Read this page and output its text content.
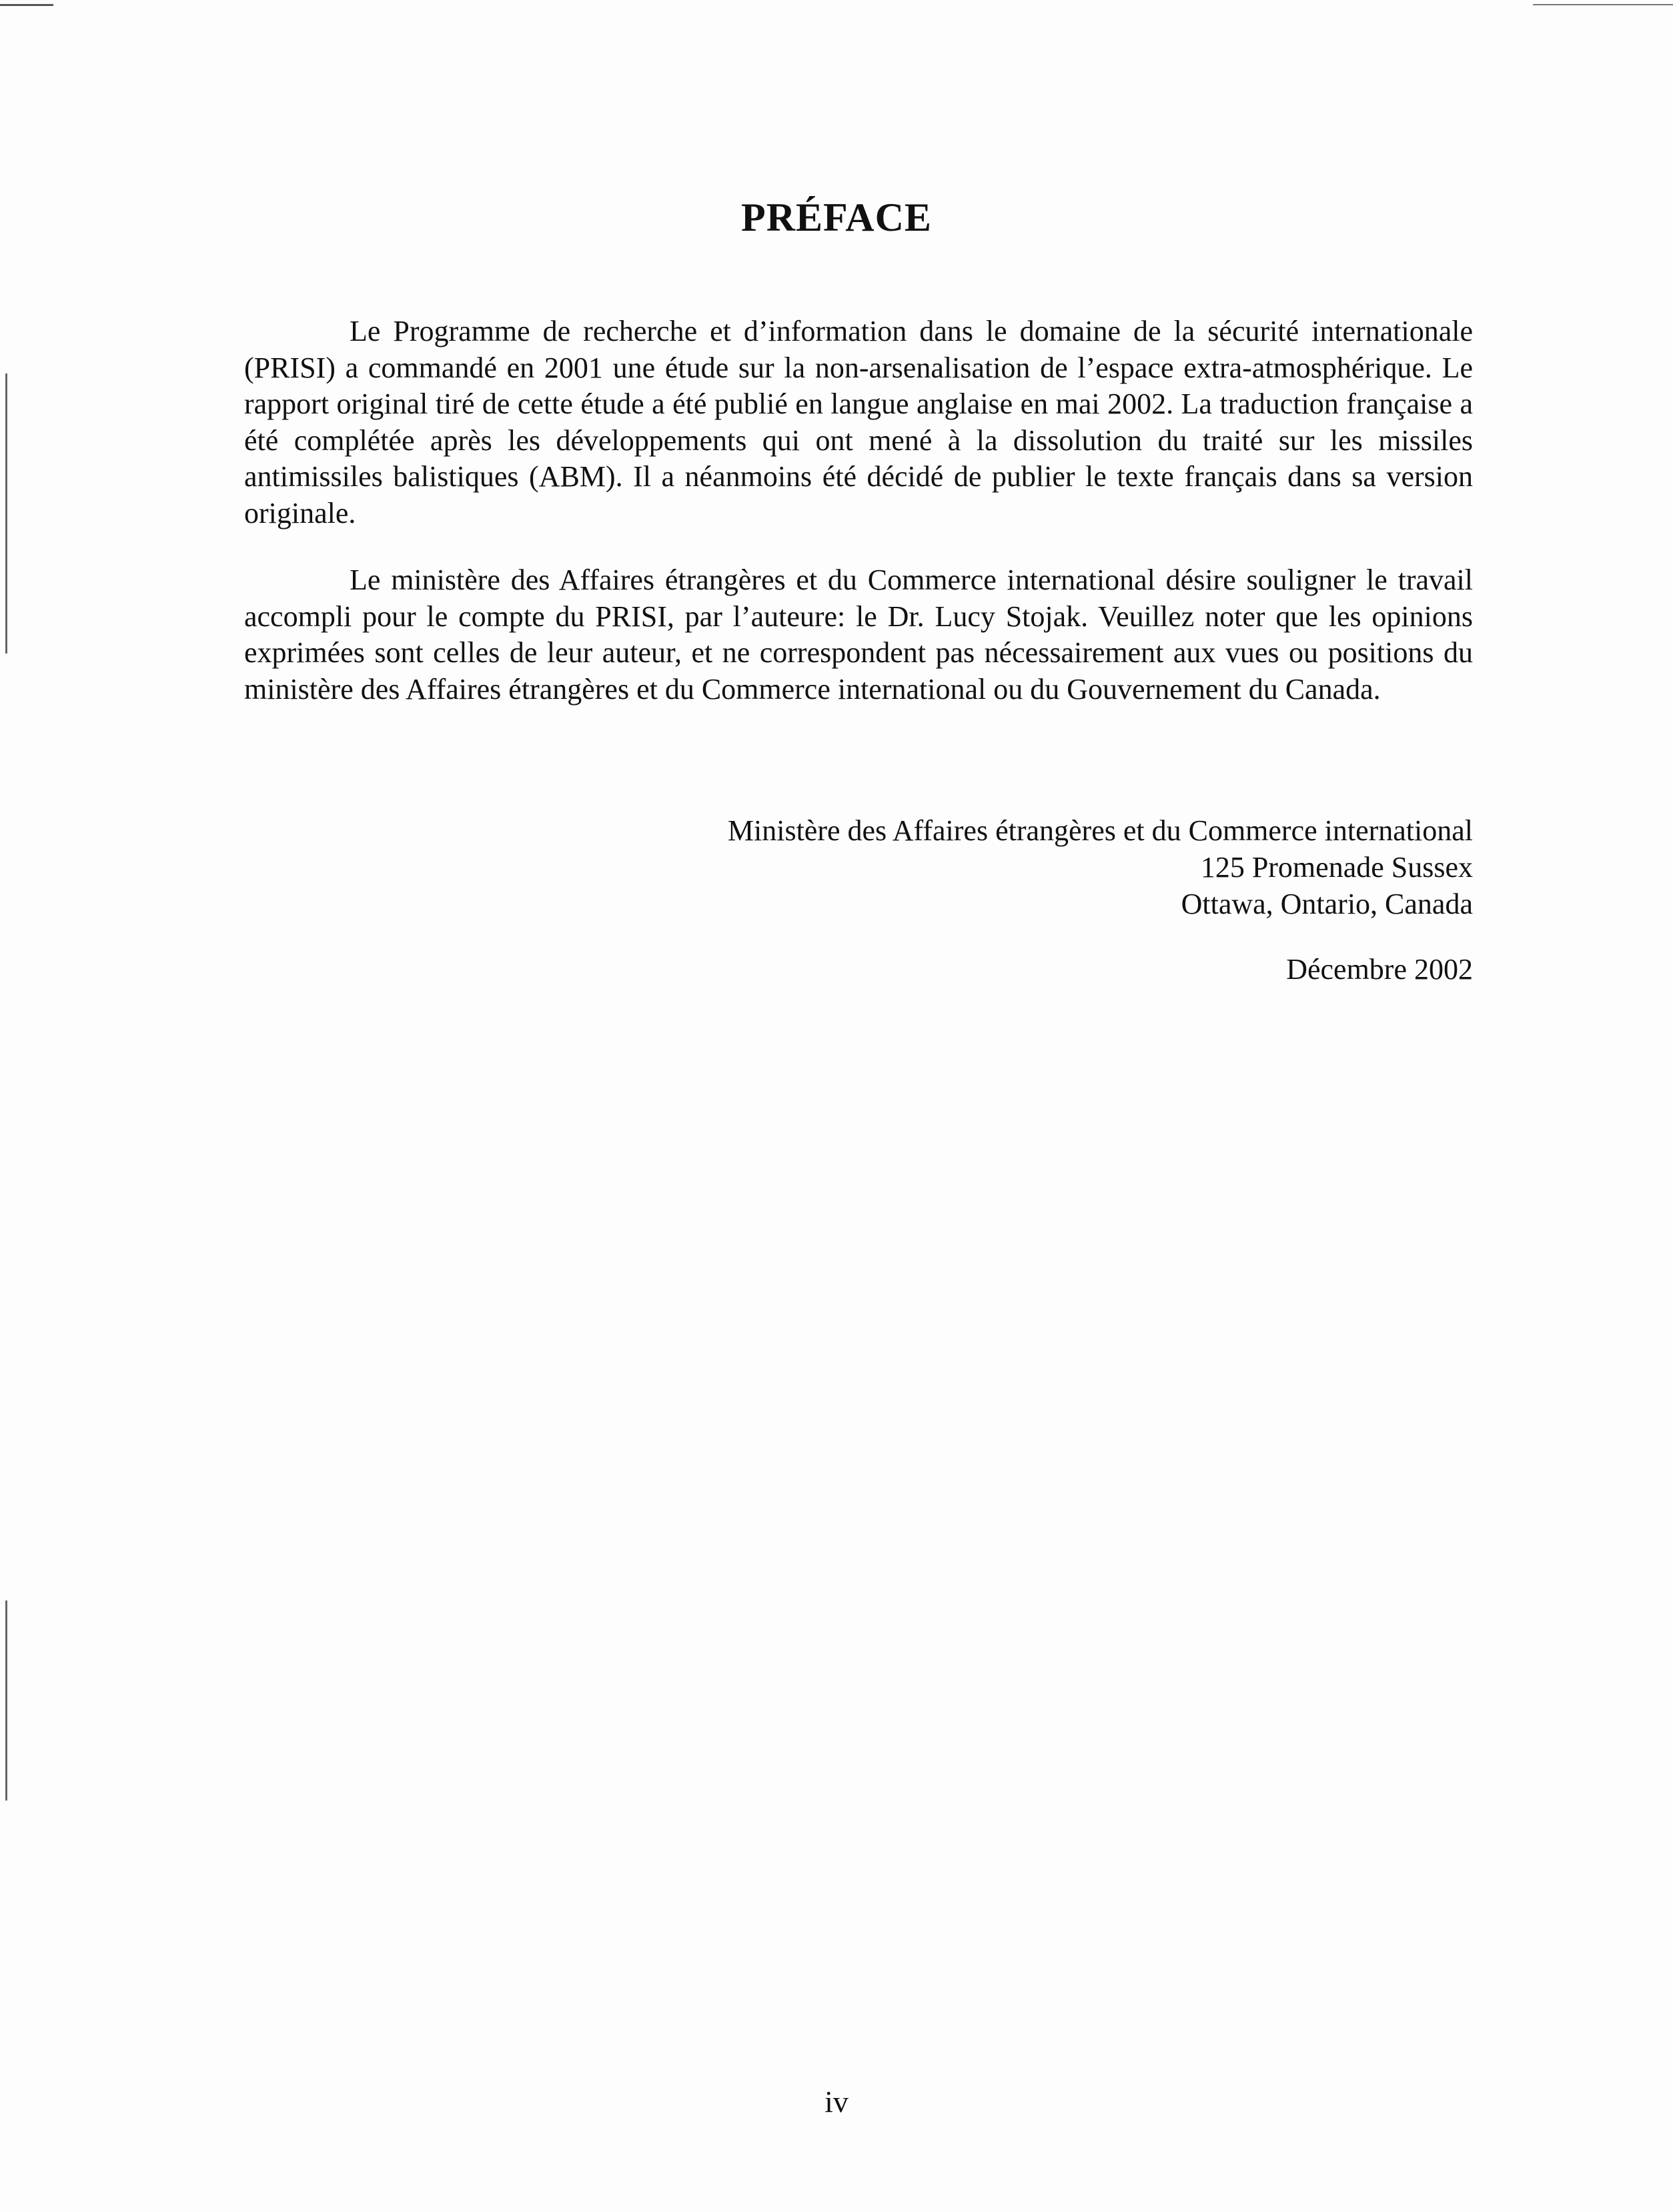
PRÉFACE

Le Programme de recherche et d’information dans le domaine de la sécurité internationale (PRISI) a commandé en 2001 une étude sur la non-arsenalisation de l’espace extra-atmosphérique. Le rapport original tiré de cette étude a été publié en langue anglaise en mai 2002. La traduction française a été complétée après les développements qui ont mené à la dissolution du traité sur les missiles antimissiles balistiques (ABM). Il a néanmoins été décidé de publier le texte français dans sa version originale.

Le ministère des Affaires étrangères et du Commerce international désire souligner le travail accompli pour le compte du PRISI, par l’auteure: le Dr. Lucy Stojak. Veuillez noter que les opinions exprimées sont celles de leur auteur, et ne correspondent pas nécessairement aux vues ou positions du ministère des Affaires étrangères et du Commerce international ou du Gouvernement du Canada.

Ministère des Affaires étrangères et du Commerce international
125 Promenade Sussex
Ottawa, Ontario, Canada
Décembre 2002
iv
